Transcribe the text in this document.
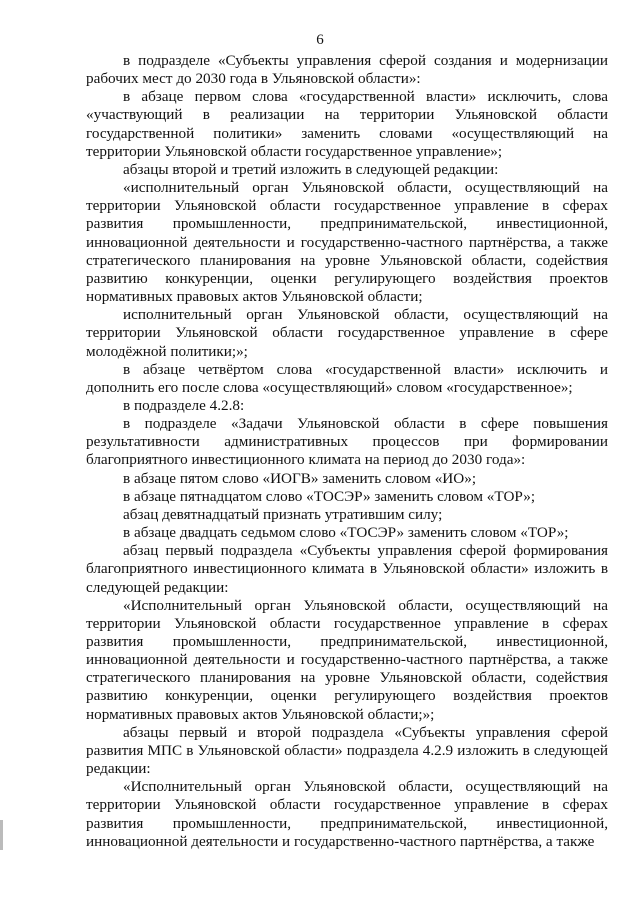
6

в подразделе «Субъекты управления сферой создания и модернизации рабочих мест до 2030 года в Ульяновской области»:

в абзаце первом слова «государственной власти» исключить, слова «участвующий в реализации на территории Ульяновской области государственной политики» заменить словами «осуществляющий на территории Ульяновской области государственное управление»;

абзацы второй и третий изложить в следующей редакции:

«исполнительный орган Ульяновской области, осуществляющий на территории Ульяновской области государственное управление в сферах развития промышленности, предпринимательской, инвестиционной, инновационной деятельности и государственно-частного партнёрства, а также стратегического планирования на уровне Ульяновской области, содействия развитию конкуренции, оценки регулирующего воздействия проектов нормативных правовых актов Ульяновской области;

исполнительный орган Ульяновской области, осуществляющий на территории Ульяновской области государственное управление в сфере молодёжной политики;»;

в абзаце четвёртом слова «государственной власти» исключить и дополнить его после слова «осуществляющий» словом «государственное»;

в подразделе 4.2.8:

в подразделе «Задачи Ульяновской области в сфере повышения результативности административных процессов при формировании благоприятного инвестиционного климата на период до 2030 года»:

в абзаце пятом слово «ИОГВ» заменить словом «ИО»;

в абзаце пятнадцатом слово «ТОСЭР» заменить словом «ТОР»;

абзац девятнадцатый признать утратившим силу;

в абзаце двадцать седьмом слово «ТОСЭР» заменить словом «ТОР»;

абзац первый подраздела «Субъекты управления сферой формирования благоприятного инвестиционного климата в Ульяновской области» изложить в следующей редакции:

«Исполнительный орган Ульяновской области, осуществляющий на территории Ульяновской области государственное управление в сферах развития промышленности, предпринимательской, инвестиционной, инновационной деятельности и государственно-частного партнёрства, а также стратегического планирования на уровне Ульяновской области, содействия развитию конкуренции, оценки регулирующего воздействия проектов нормативных правовых актов Ульяновской области;»;

абзацы первый и второй подраздела «Субъекты управления сферой развития МПС в Ульяновской области» подраздела 4.2.9 изложить в следующей редакции:

«Исполнительный орган Ульяновской области, осуществляющий на территории Ульяновской области государственное управление в сферах развития промышленности, предпринимательской, инвестиционной, инновационной деятельности и государственно-частного партнёрства, а также
